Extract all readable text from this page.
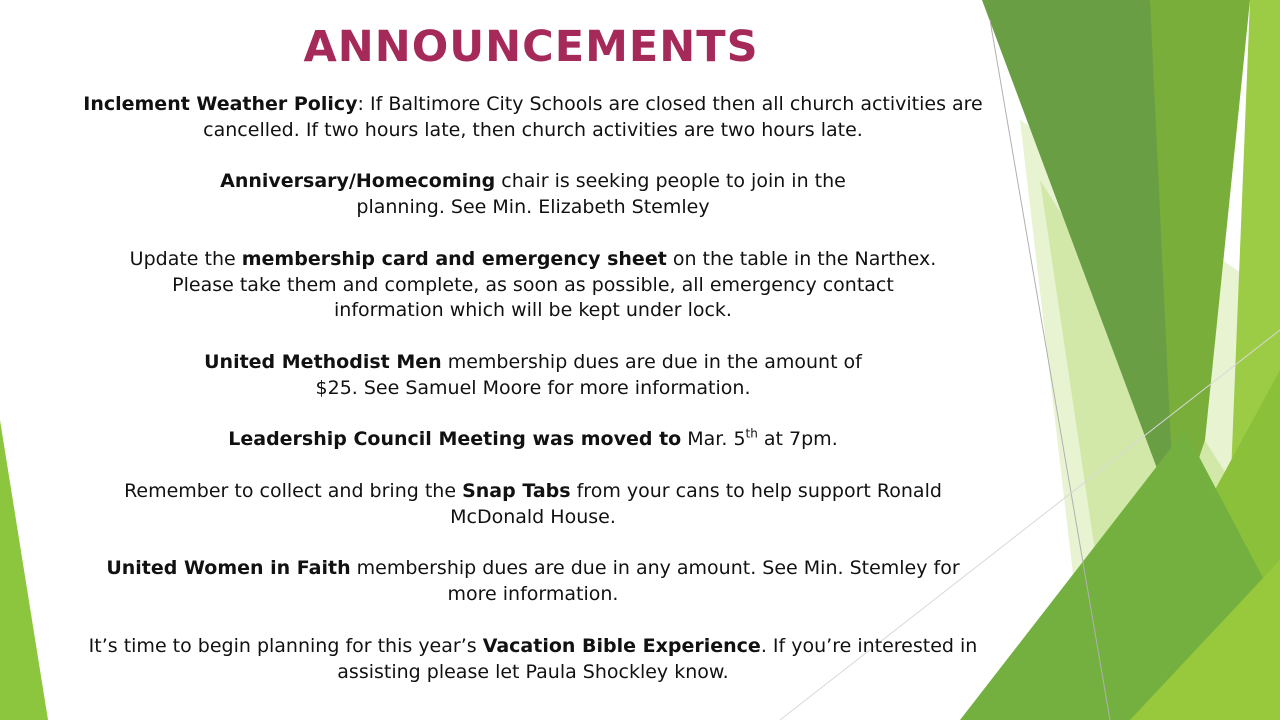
ANNOUNCEMENTS

Inclement Weather Policy: If Baltimore City Schools are closed then all church activities are cancelled. If two hours late, then church activities are two hours late.

Anniversary/Homecoming chair is seeking people to join in the planning. See Min. Elizabeth Stemley

Update the membership card and emergency sheet on the table in the Narthex. Please take them and complete, as soon as possible, all emergency contact information which will be kept under lock.

United Methodist Men membership dues are due in the amount of $25. See Samuel Moore for more information.

Leadership Council Meeting was moved to Mar. 5th at 7pm.

Remember to collect and bring the Snap Tabs from your cans to help support Ronald McDonald House.

United Women in Faith membership dues are due in any amount. See Min. Stemley for more information.

It’s time to begin planning for this year’s Vacation Bible Experience. If you’re interested in assisting please let Paula Shockley know.
